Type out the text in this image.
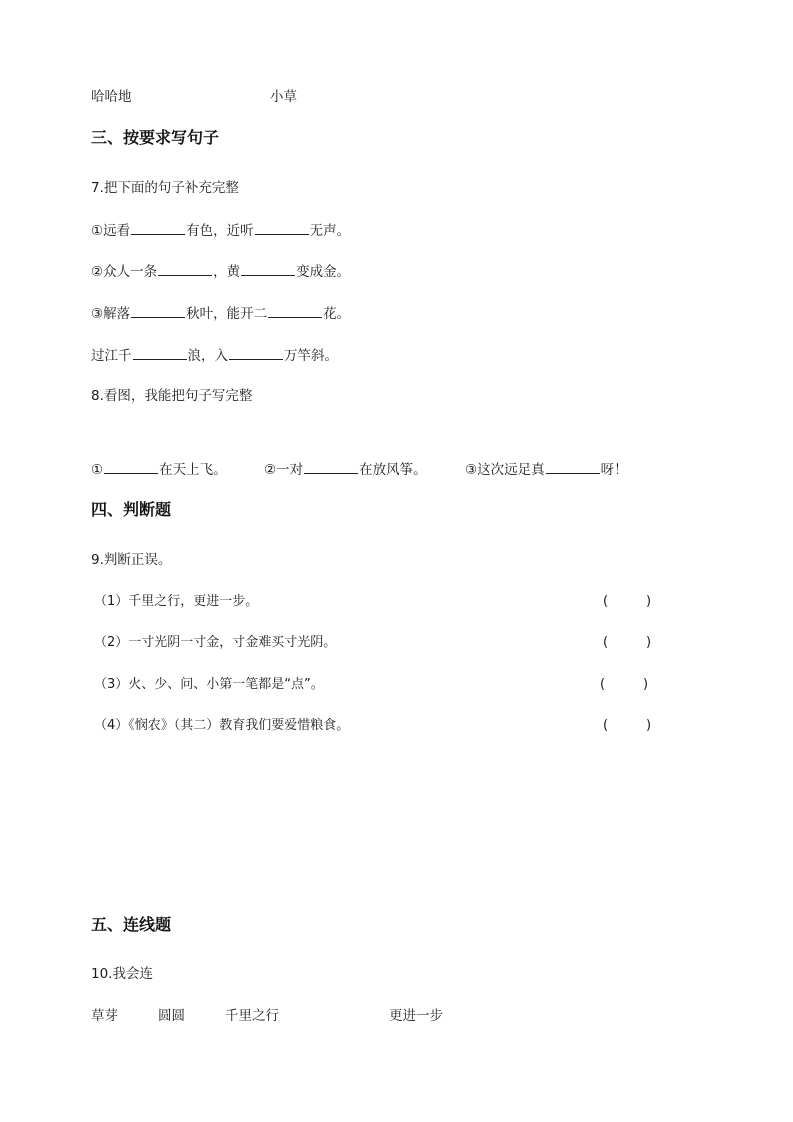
哈哈地	小草
三、按要求写句子
7.把下面的句子补充完整
①远看	有色，近听	无声。
②众人一条	，黄	变成金。
③解落	秋叶，能开二	花。
过江千	浪，入	万竿斜。
8.看图，我能把句子写完整
①	在天上飞。	②一对	在放风筝。	③这次远足真	呀！
四、判断题
9.判断正误。
（1）千里之行，更进一步。	(	)
（2）一寸光阴一寸金，寸金难买寸光阴。	(	)
（3）火、少、问、小第一笔都是“点”。	(	)
（4）《悯农》（其二）教育我们要爱惜粮食。	(	)
五、连线题
10.我会连
草芽	圆圆	千里之行	更进一步
